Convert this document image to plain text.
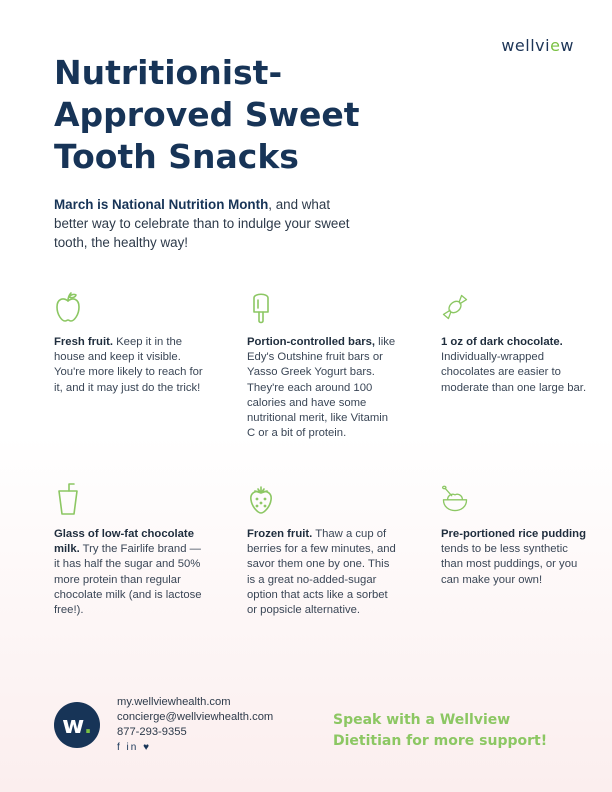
wellview
Nutritionist-
Approved Sweet
Tooth Snacks

March is National Nutrition Month, and what better way to celebrate than to indulge your sweet tooth, the healthy way!

Fresh fruit. Keep it in the house and keep it visible. You're more likely to reach for it, and it may just do the trick!
Portion-controlled bars, like Edy's Outshine fruit bars or Yasso Greek Yogurt bars. They're each around 100 calories and have some nutritional merit, like Vitamin C or a bit of protein.
1 oz of dark chocolate. Individually-wrapped chocolates are easier to moderate than one large bar.
Glass of low-fat chocolate milk. Try the Fairlife brand — it has half the sugar and 50% more protein than regular chocolate milk (and is lactose free!).
Frozen fruit. Thaw a cup of berries for a few minutes, and savor them one by one. This is a great no-added-sugar option that acts like a sorbet or popsicle alternative.
Pre-portioned rice pudding tends to be less synthetic than most puddings, or you can make your own!
w.
my.wellviewhealth.com
concierge@wellviewhealth.com
877-293-9355
f in ♥
Speak with a Wellview Dietitian for more support!
